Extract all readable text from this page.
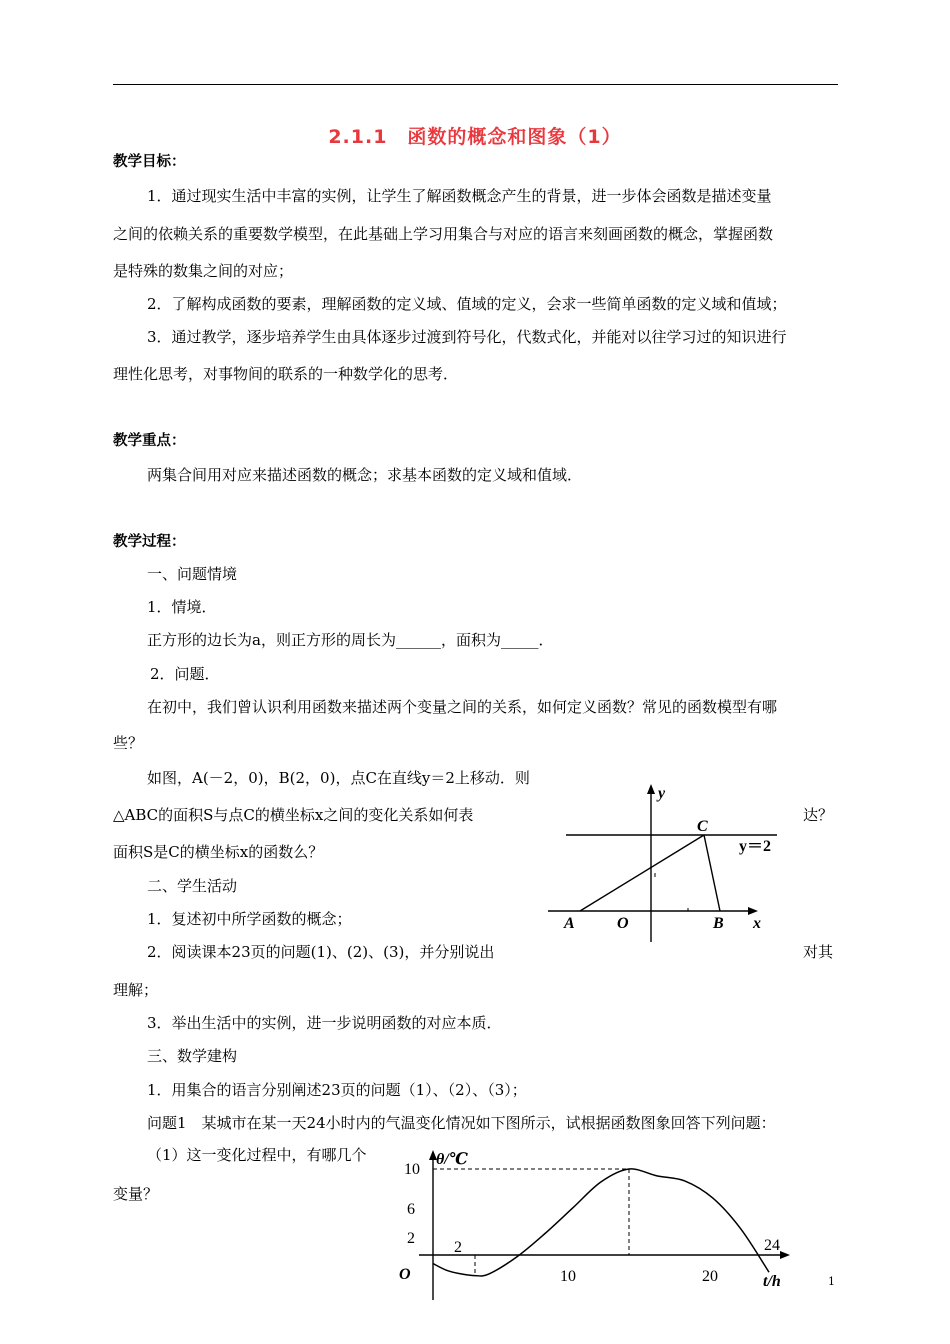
2.1.1　函数的概念和图象（1）
教学目标：
1．通过现实生活中丰富的实例，让学生了解函数概念产生的背景，进一步体会函数是描述变量
之间的依赖关系的重要数学模型，在此基础上学习用集合与对应的语言来刻画函数的概念，掌握函数
是特殊的数集之间的对应；
2．了解构成函数的要素，理解函数的定义域、值域的定义，会求一些简单函数的定义域和值域；
3．通过教学，逐步培养学生由具体逐步过渡到符号化，代数式化，并能对以往学习过的知识进行
理性化思考，对事物间的联系的一种数学化的思考．
教学重点：
两集合间用对应来描述函数的概念；求基本函数的定义域和值域．
教学过程：
一、问题情境
1．情境．
正方形的边长为a，则正方形的周长为______，面积为_____．
2．问题．
在初中，我们曾认识利用函数来描述两个变量之间的关系，如何定义函数？常见的函数模型有哪
些？
如图，A(－2，0)，B(2，0)，点C在直线y＝2上移动．则
△ABC的面积S与点C的横坐标x之间的变化关系如何表	达？
面积S是C的横坐标x的函数么？
二、学生活动
1．复述初中所学函数的概念；
2．阅读课本23页的问题(1)、(2)、(3)，并分别说出	对其
理解；
3．举出生活中的实例，进一步说明函数的对应本质．
三、数学建构
1．用集合的语言分别阐述23页的问题（1）、（2）、（3）；
问题1　某城市在某一天24小时内的气温变化情况如下图所示，试根据函数图象回答下列问题：
（1）这一变化过程中，有哪几个
变量？
y
x
A	O	B
C
y＝2
10
6
2
2
10	20
24
θ/℃
t/h
O	1
